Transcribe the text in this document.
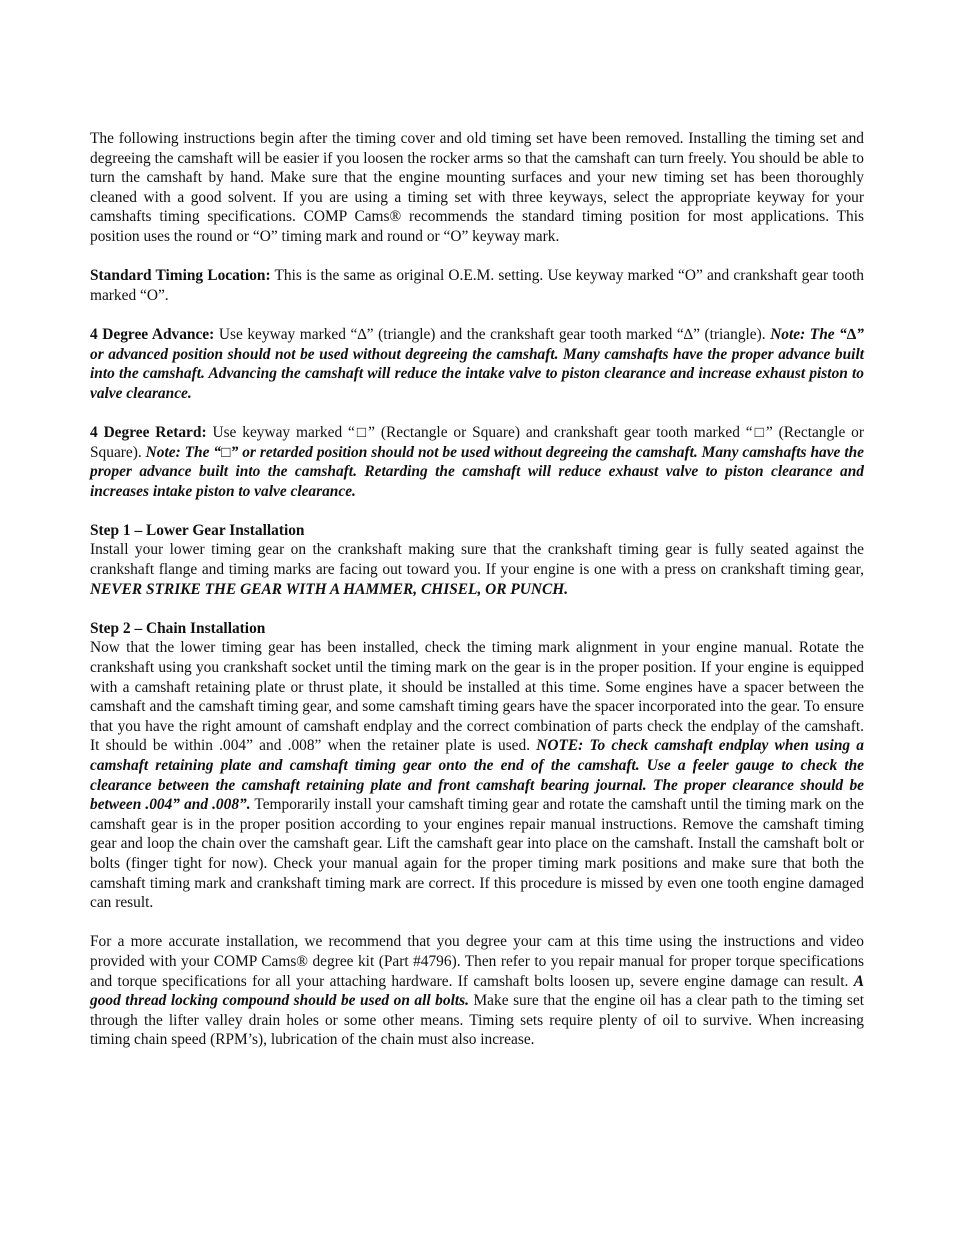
The following instructions begin after the timing cover and old timing set have been removed. Installing the timing set and degreeing the camshaft will be easier if you loosen the rocker arms so that the camshaft can turn freely. You should be able to turn the camshaft by hand. Make sure that the engine mounting surfaces and your new timing set has been thoroughly cleaned with a good solvent. If you are using a timing set with three keyways, select the appropriate keyway for your camshafts timing specifications. COMP Cams® recommends the standard timing position for most applications. This position uses the round or “O” timing mark and round or “O” keyway mark.

Standard Timing Location: This is the same as original O.E.M. setting. Use keyway marked “O” and crankshaft gear tooth marked “O”.

4 Degree Advance: Use keyway marked “∆” (triangle) and the crankshaft gear tooth marked “∆” (triangle). Note: The “∆” or advanced position should not be used without degreeing the camshaft. Many camshafts have the proper advance built into the camshaft. Advancing the camshaft will reduce the intake valve to piston clearance and increase exhaust piston to valve clearance.

4 Degree Retard: Use keyway marked “□” (Rectangle or Square) and crankshaft gear tooth marked “□” (Rectangle or Square). Note: The “□” or retarded position should not be used without degreeing the camshaft. Many camshafts have the proper advance built into the camshaft. Retarding the camshaft will reduce exhaust valve to piston clearance and increases intake piston to valve clearance.

Step 1 – Lower Gear Installation

Install your lower timing gear on the crankshaft making sure that the crankshaft timing gear is fully seated against the crankshaft flange and timing marks are facing out toward you. If your engine is one with a press on crankshaft timing gear, NEVER STRIKE THE GEAR WITH A HAMMER, CHISEL, OR PUNCH.

Step 2 – Chain Installation

Now that the lower timing gear has been installed, check the timing mark alignment in your engine manual. Rotate the crankshaft using you crankshaft socket until the timing mark on the gear is in the proper position. If your engine is equipped with a camshaft retaining plate or thrust plate, it should be installed at this time. Some engines have a spacer between the camshaft and the camshaft timing gear, and some camshaft timing gears have the spacer incorporated into the gear. To ensure that you have the right amount of camshaft endplay and the correct combination of parts check the endplay of the camshaft. It should be within .004” and .008” when the retainer plate is used. NOTE: To check camshaft endplay when using a camshaft retaining plate and camshaft timing gear onto the end of the camshaft. Use a feeler gauge to check the clearance between the camshaft retaining plate and front camshaft bearing journal. The proper clearance should be between .004” and .008”. Temporarily install your camshaft timing gear and rotate the camshaft until the timing mark on the camshaft gear is in the proper position according to your engines repair manual instructions. Remove the camshaft timing gear and loop the chain over the camshaft gear. Lift the camshaft gear into place on the camshaft. Install the camshaft bolt or bolts (finger tight for now). Check your manual again for the proper timing mark positions and make sure that both the camshaft timing mark and crankshaft timing mark are correct. If this procedure is missed by even one tooth engine damaged can result.

For a more accurate installation, we recommend that you degree your cam at this time using the instructions and video provided with your COMP Cams® degree kit (Part #4796). Then refer to you repair manual for proper torque specifications and torque specifications for all your attaching hardware. If camshaft bolts loosen up, severe engine damage can result. A good thread locking compound should be used on all bolts. Make sure that the engine oil has a clear path to the timing set through the lifter valley drain holes or some other means. Timing sets require plenty of oil to survive. When increasing timing chain speed (RPM’s), lubrication of the chain must also increase.
